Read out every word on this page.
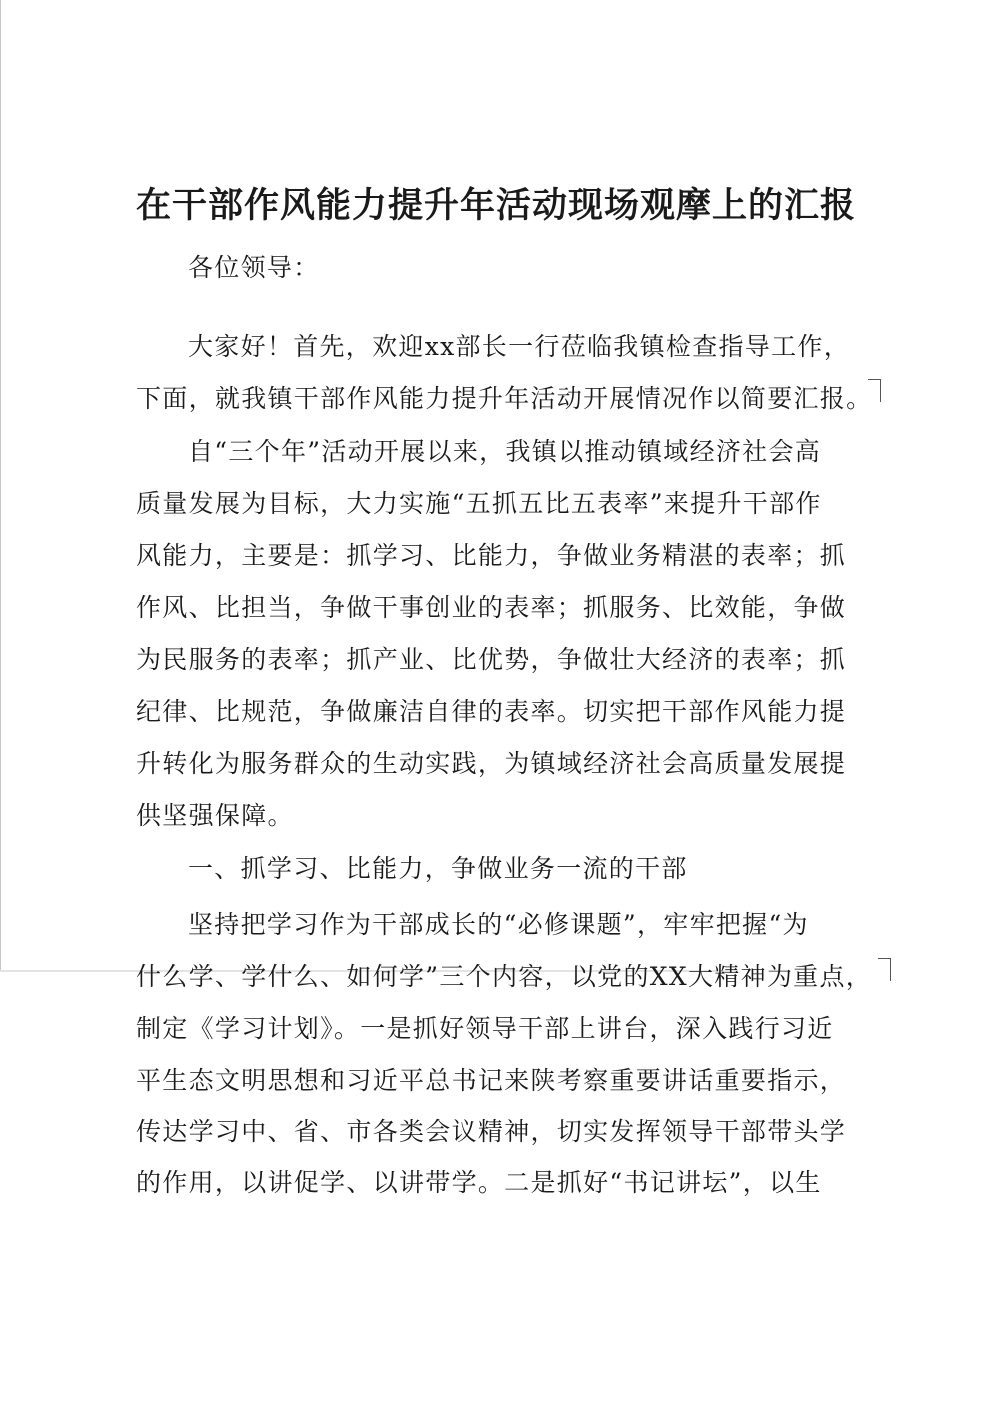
在干部作风能力提升年活动现场观摩上的汇报
各位领导：
大家好！首先，欢迎xx部长一行莅临我镇检查指导工作，
下面，就我镇干部作风能力提升年活动开展情况作以简要汇报。
自“三个年”活动开展以来，我镇以推动镇域经济社会高
质量发展为目标，大力实施“五抓五比五表率”来提升干部作
风能力，主要是：抓学习、比能力，争做业务精湛的表率；抓
作风、比担当，争做干事创业的表率；抓服务、比效能，争做
为民服务的表率；抓产业、比优势，争做壮大经济的表率；抓
纪律、比规范，争做廉洁自律的表率。切实把干部作风能力提
升转化为服务群众的生动实践，为镇域经济社会高质量发展提
供坚强保障。
一、抓学习、比能力，争做业务一流的干部
坚持把学习作为干部成长的“必修课题”，牢牢把握“为
什么学、学什么、如何学”三个内容，以党的XX大精神为重点，
制定《学习计划》。一是抓好领导干部上讲台，深入践行习近
平生态文明思想和习近平总书记来陕考察重要讲话重要指示，
传达学习中、省、市各类会议精神，切实发挥领导干部带头学
的作用，以讲促学、以讲带学。二是抓好“书记讲坛”，以生
